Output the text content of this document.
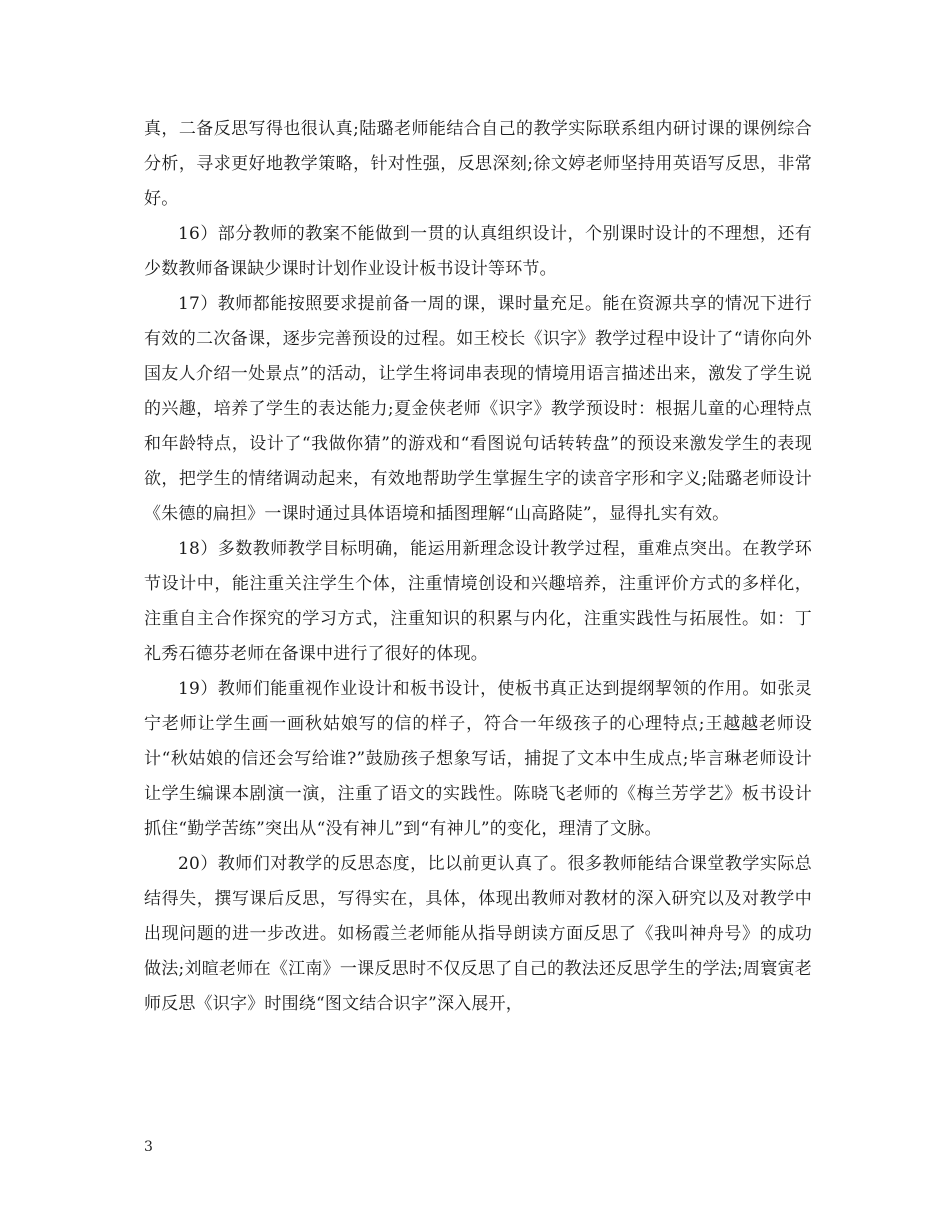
真，二备反思写得也很认真;陆璐老师能结合自己的教学实际联系组内研讨课的课例综合分析，寻求更好地教学策略，针对性强，反思深刻;徐文婷老师坚持用英语写反思，非常好。

16）部分教师的教案不能做到一贯的认真组织设计，个别课时设计的不理想，还有少数教师备课缺少课时计划作业设计板书设计等环节。

17）教师都能按照要求提前备一周的课，课时量充足。能在资源共享的情况下进行有效的二次备课，逐步完善预设的过程。如王校长《识字》教学过程中设计了“请你向外国友人介绍一处景点”的活动，让学生将词串表现的情境用语言描述出来，激发了学生说的兴趣，培养了学生的表达能力;夏金侠老师《识字》教学预设时：根据儿童的心理特点和年龄特点，设计了“我做你猜”的游戏和“看图说句话转转盘”的预设来激发学生的表现欲，把学生的情绪调动起来，有效地帮助学生掌握生字的读音字形和字义;陆璐老师设计《朱德的扁担》一课时通过具体语境和插图理解“山高路陡”，显得扎实有效。

18）多数教师教学目标明确，能运用新理念设计教学过程，重难点突出。在教学环节设计中，能注重关注学生个体，注重情境创设和兴趣培养，注重评价方式的多样化，注重自主合作探究的学习方式，注重知识的积累与内化，注重实践性与拓展性。如：丁礼秀石德芬老师在备课中进行了很好的体现。

19）教师们能重视作业设计和板书设计，使板书真正达到提纲挈领的作用。如张灵宁老师让学生画一画秋姑娘写的信的样子，符合一年级孩子的心理特点;王越越老师设计“秋姑娘的信还会写给谁?”鼓励孩子想象写话，捕捉了文本中生成点;毕言琳老师设计让学生编课本剧演一演，注重了语文的实践性。陈晓飞老师的《梅兰芳学艺》板书设计抓住“勤学苦练”突出从“没有神儿”到“有神儿”的变化，理清了文脉。

20）教师们对教学的反思态度，比以前更认真了。很多教师能结合课堂教学实际总结得失，撰写课后反思，写得实在，具体，体现出教师对教材的深入研究以及对教学中出现问题的进一步改进。如杨霞兰老师能从指导朗读方面反思了《我叫神舟号》的成功做法;刘暄老师在《江南》一课反思时不仅反思了自己的教法还反思学生的学法;周寰寅老师反思《识字》时围绕“图文结合识字”深入展开，

3
